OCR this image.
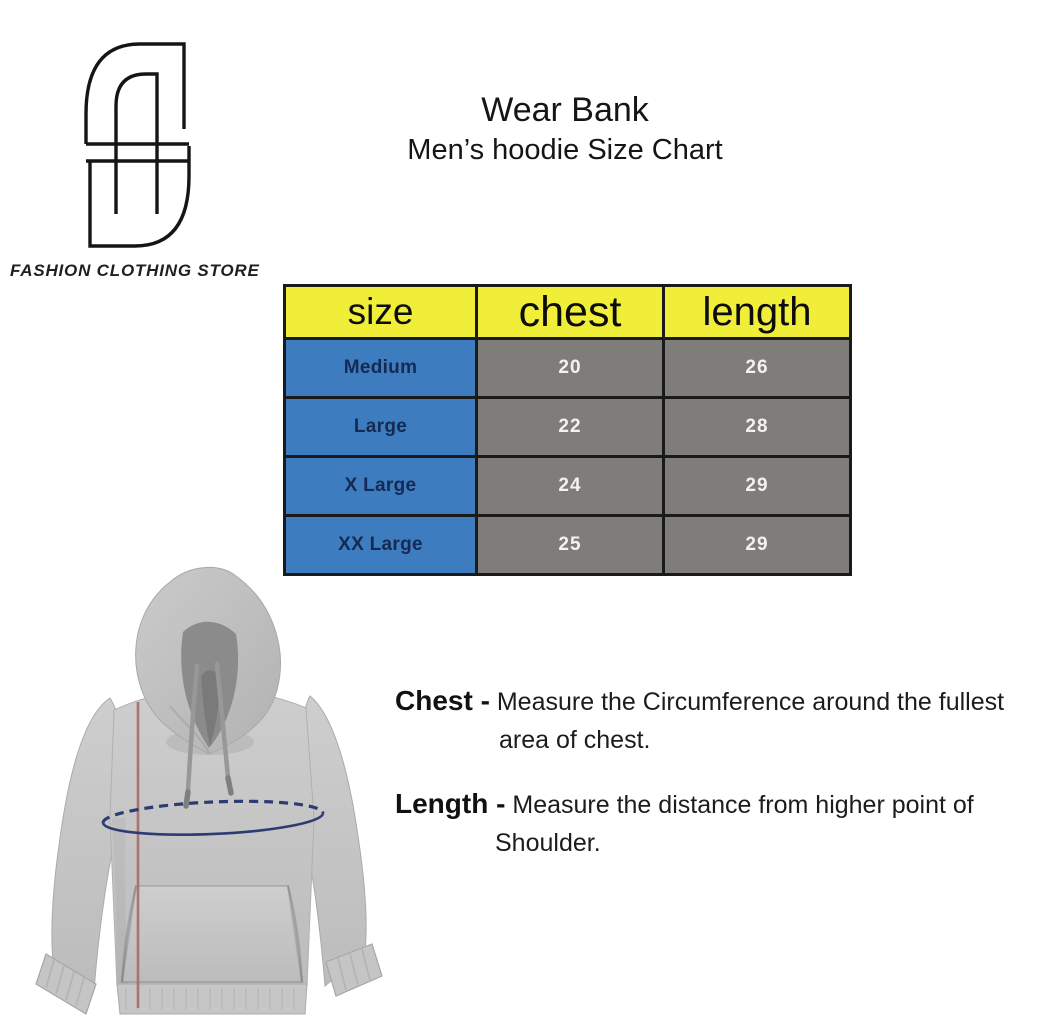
FASHION CLOTHING STORE
Wear Bank
Men’s hoodie Size Chart
size	chest	length
Medium	20	26
Large	22	28
X Large	24	29
XX Large	25	29
Chest - Measure the Circumference around the fullest
area of chest.
Length - Measure the distance from higher point of
Shoulder.
